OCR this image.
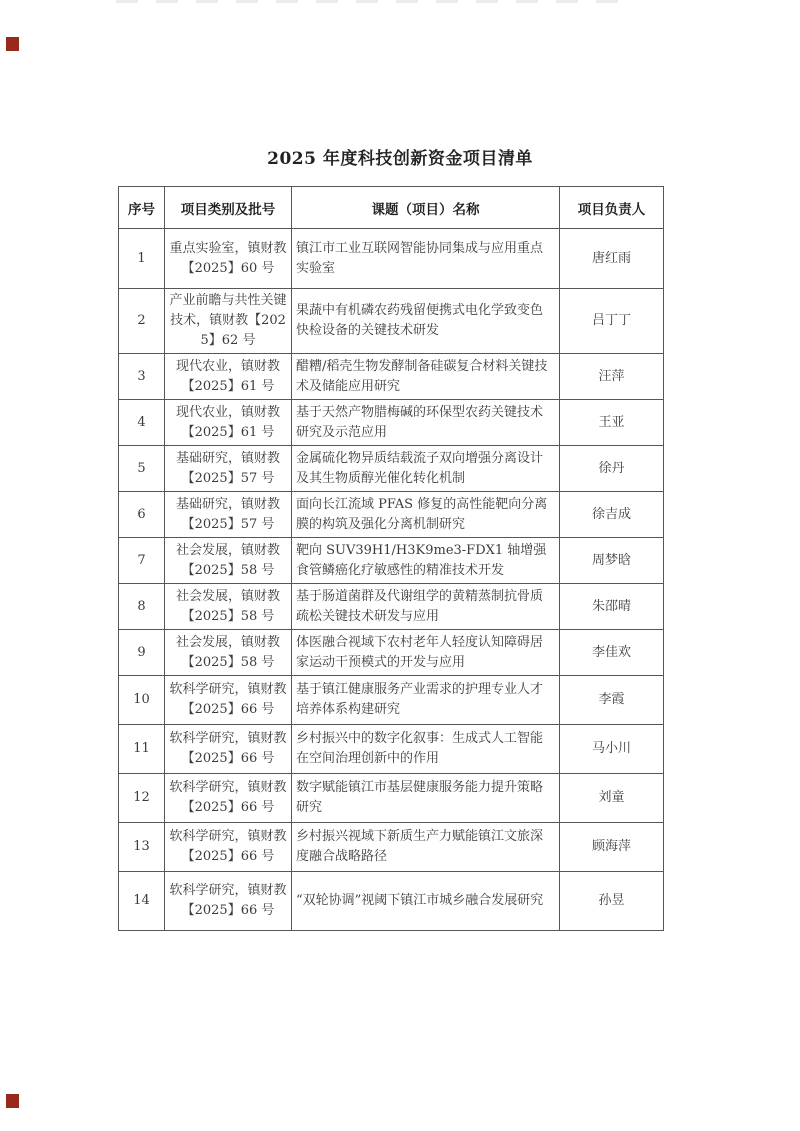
2025 年度科技创新资金项目清单
序号	项目类别及批号	课题（项目）名称	项目负责人
1	重点实验室，镇财教【2025】60 号	镇江市工业互联网智能协同集成与应用重点实验室	唐红雨
2	产业前瞻与共性关键技术，镇财教【2025】62 号	果蔬中有机磷农药残留便携式电化学致变色快检设备的关键技术研发	吕丁丁
3	现代农业，镇财教【2025】61 号	醋糟/稻壳生物发酵制备硅碳复合材料关键技术及储能应用研究	汪萍
4	现代农业，镇财教【2025】61 号	基于天然产物腊梅碱的环保型农药关键技术研究及示范应用	王亚
5	基础研究，镇财教【2025】57 号	金属硫化物异质结载流子双向增强分离设计及其生物质醇光催化转化机制	徐丹
6	基础研究，镇财教【2025】57 号	面向长江流域 PFAS 修复的高性能靶向分离膜的构筑及强化分离机制研究	徐吉成
7	社会发展，镇财教【2025】58 号	靶向 SUV39H1/H3K9me3-FDX1 轴增强食管鳞癌化疗敏感性的精准技术开发	周梦晗
8	社会发展，镇财教【2025】58 号	基于肠道菌群及代谢组学的黄精蒸制抗骨质疏松关键技术研发与应用	朱邵晴
9	社会发展，镇财教【2025】58 号	体医融合视域下农村老年人轻度认知障碍居家运动干预模式的开发与应用	李佳欢
10	软科学研究，镇财教【2025】66 号	基于镇江健康服务产业需求的护理专业人才培养体系构建研究	李霞
11	软科学研究，镇财教【2025】66 号	乡村振兴中的数字化叙事：生成式人工智能在空间治理创新中的作用	马小川
12	软科学研究，镇财教【2025】66 号	数字赋能镇江市基层健康服务能力提升策略研究	刘童
13	软科学研究，镇财教【2025】66 号	乡村振兴视域下新质生产力赋能镇江文旅深度融合战略路径	顾海萍
14	软科学研究，镇财教【2025】66 号	“双轮协调”视阈下镇江市城乡融合发展研究	孙昱
